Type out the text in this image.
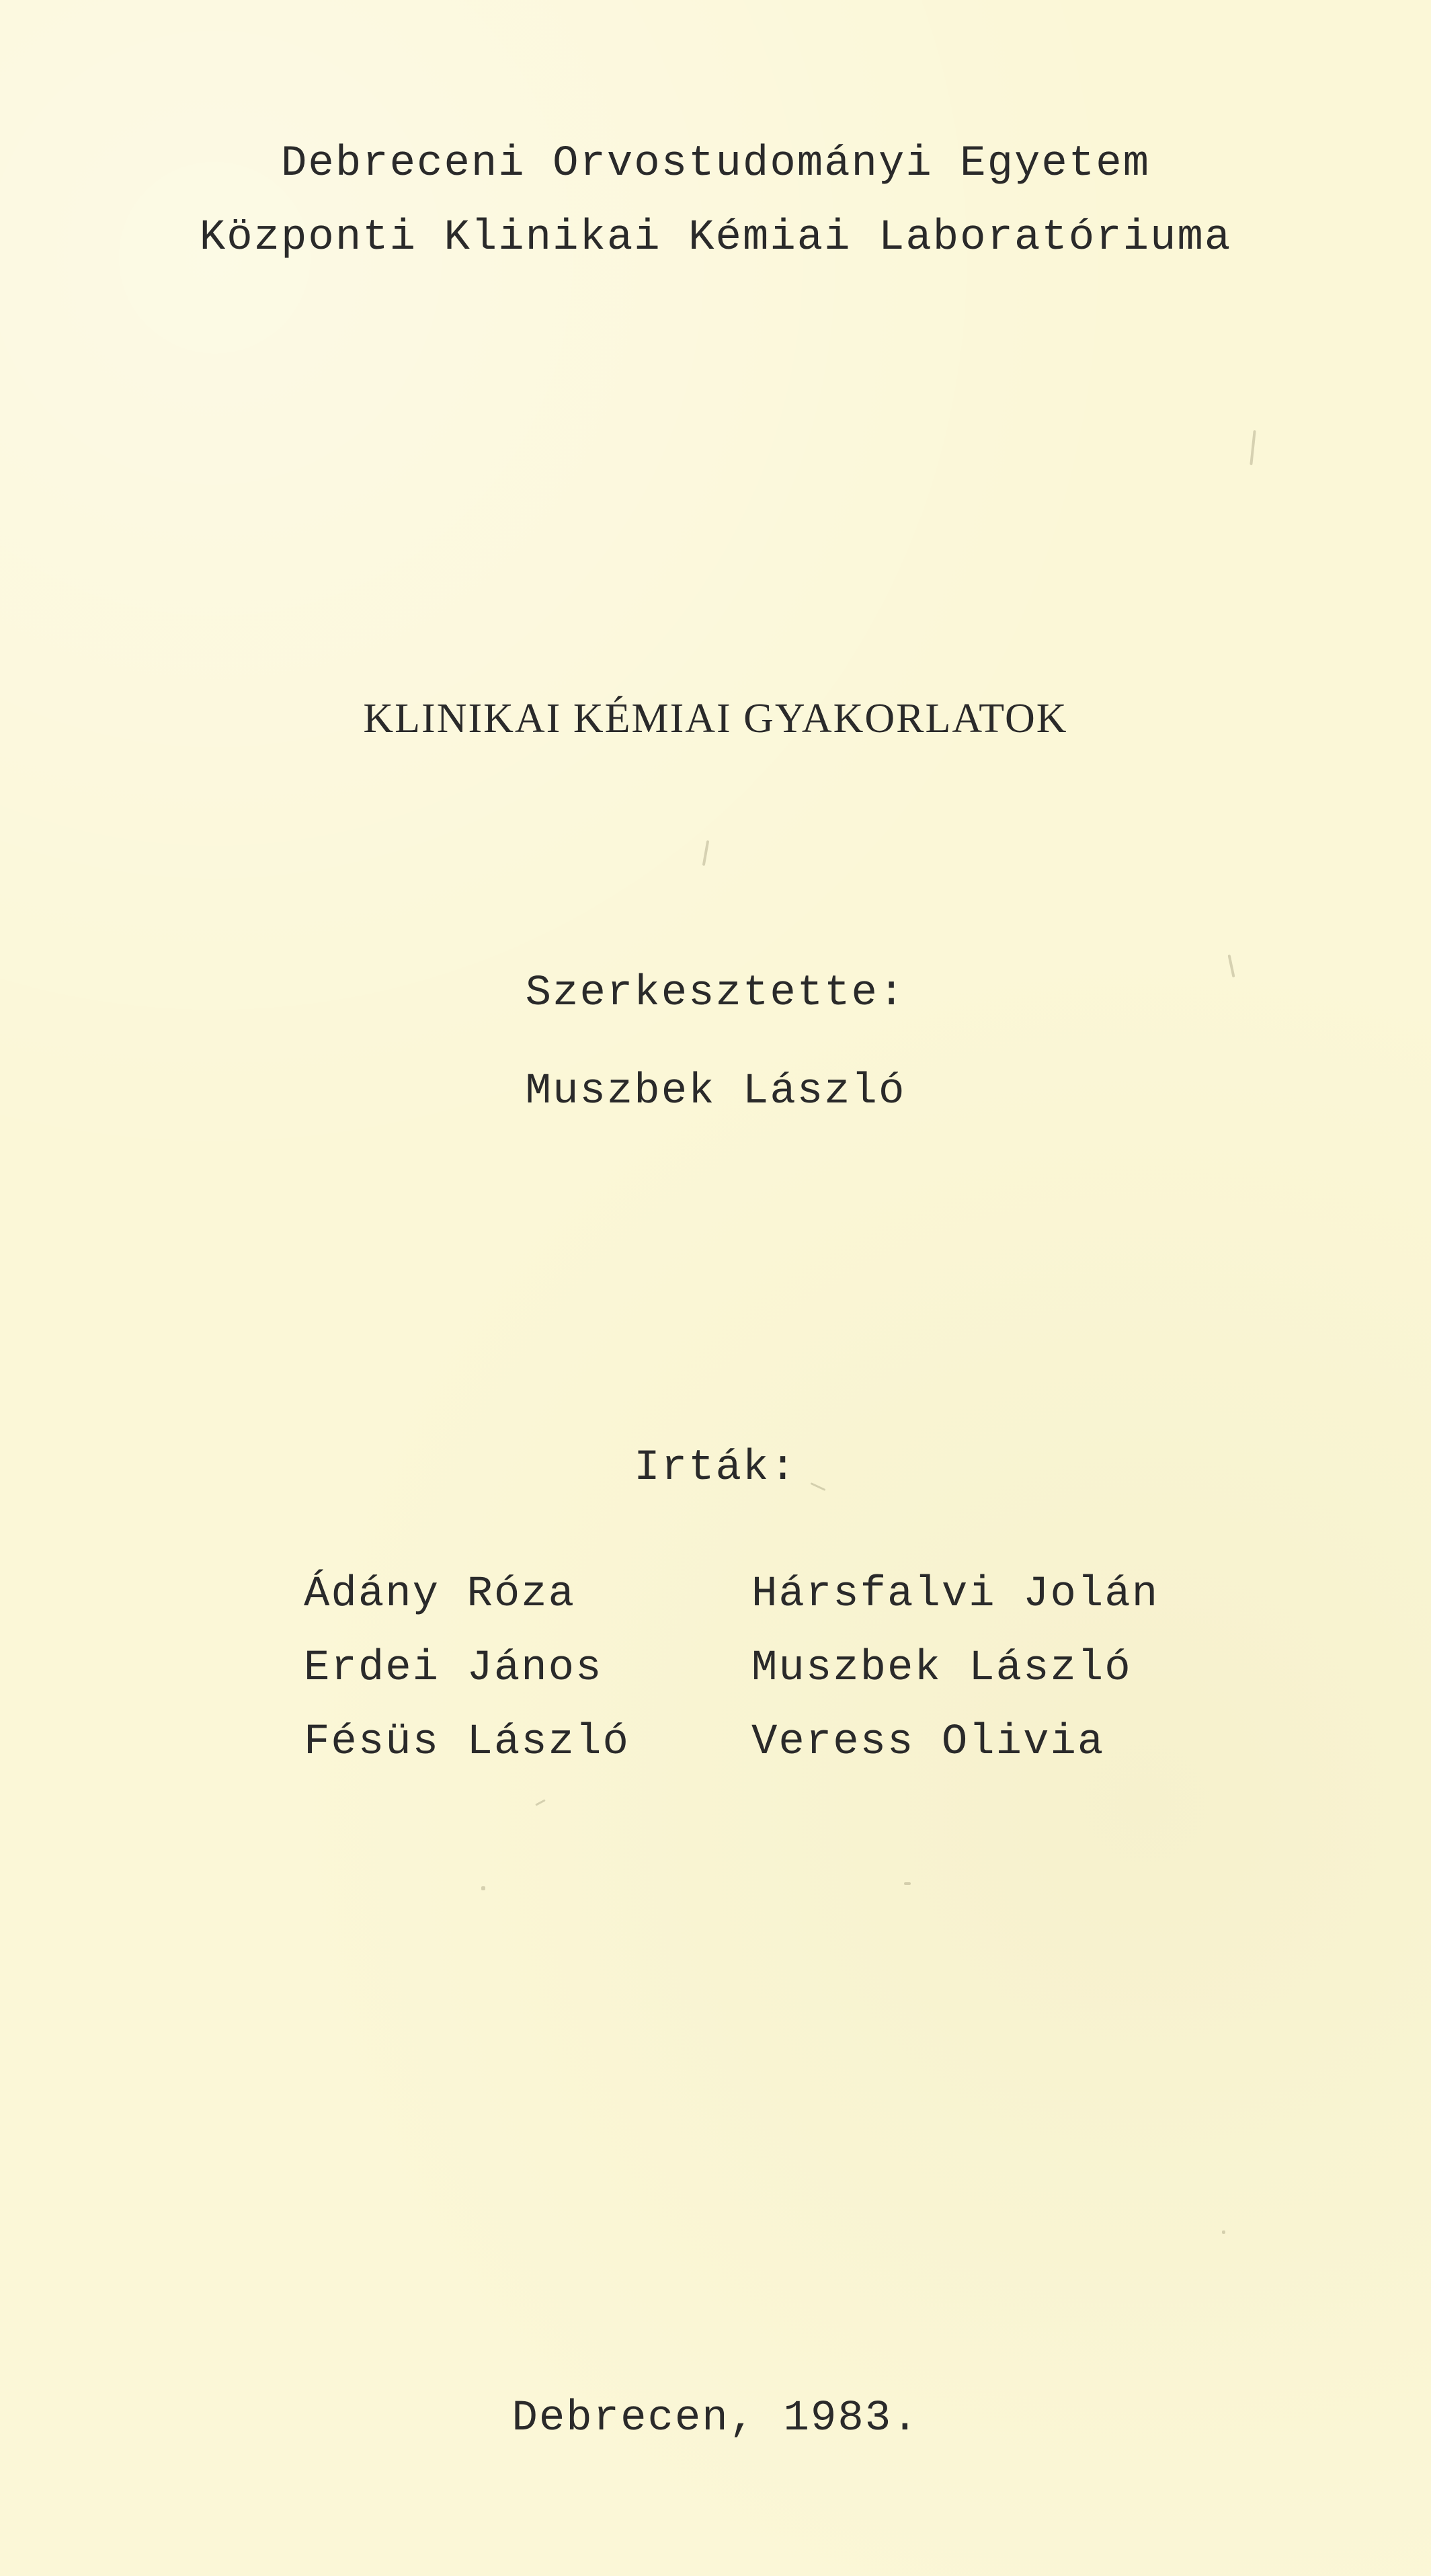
Debreceni Orvostudományi Egyetem
Központi Klinikai Kémiai Laboratóriuma
KLINIKAI KÉMIAI GYAKORLATOK
Szerkesztette:
Muszbek László
Irták:
Ádány Róza
Erdei János
Fésüs László
Hársfalvi Jolán
Muszbek László
Veress Olivia
Debrecen, 1983.
